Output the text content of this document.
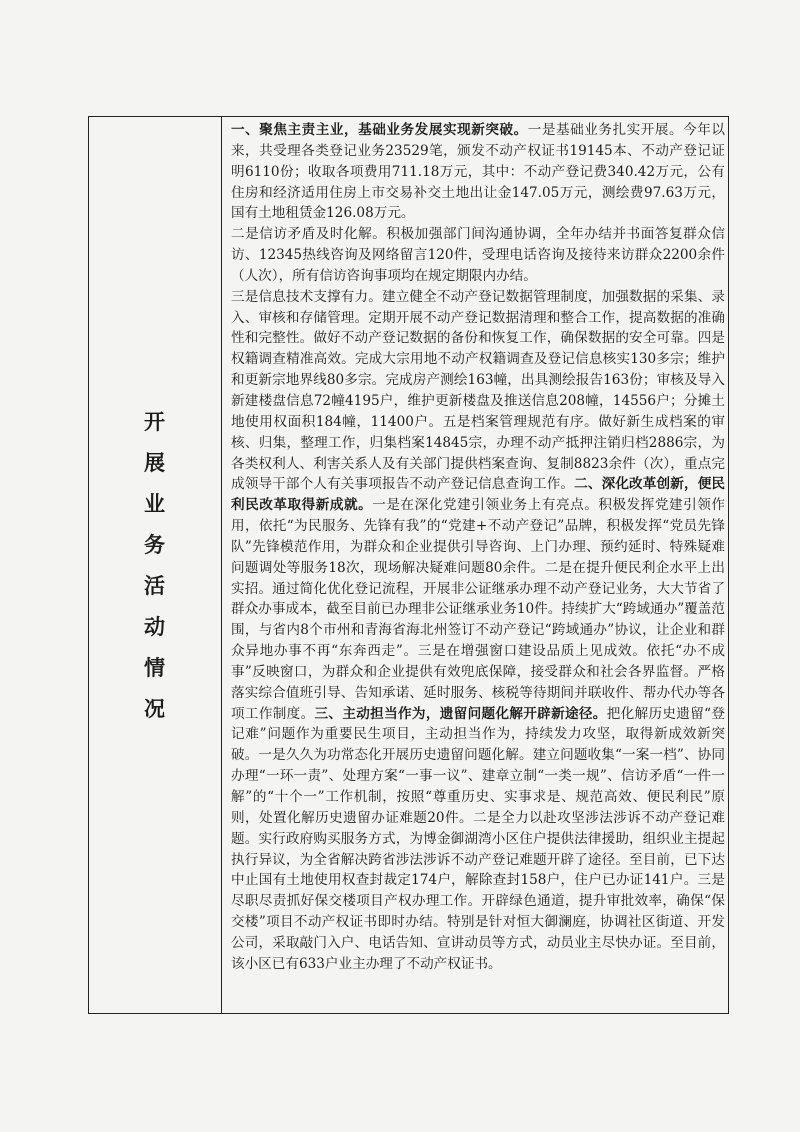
开
展
业
务
活
动
情
况

一、聚焦主责主业，基础业务发展实现新突破。一是基础业务扎实开展。今年以来，共受理各类登记业务23529笔，颁发不动产权证书19145本、不动产登记证明6110份；收取各项费用711.18万元，其中：不动产登记费340.42万元，公有住房和经济适用住房上市交易补交土地出让金147.05万元，测绘费97.63万元，国有土地租赁金126.08万元。

二是信访矛盾及时化解。积极加强部门间沟通协调，全年办结并书面答复群众信访、12345热线咨询及网络留言120件，受理电话咨询及接待来访群众2200余件（人次），所有信访咨询事项均在规定期限内办结。

三是信息技术支撑有力。建立健全不动产登记数据管理制度，加强数据的采集、录入、审核和存储管理。定期开展不动产登记数据清理和整合工作，提高数据的准确性和完整性。做好不动产登记数据的备份和恢复工作，确保数据的安全可靠。四是权籍调查精准高效。完成大宗用地不动产权籍调查及登记信息核实130多宗；维护和更新宗地界线80多宗。完成房产测绘163幢，出具测绘报告163份；审核及导入新建楼盘信息72幢4195户，维护更新楼盘及推送信息208幢，14556户；分摊土地使用权面积184幢，11400户。五是档案管理规范有序。做好新生成档案的审核、归集，整理工作，归集档案14845宗，办理不动产抵押注销归档2886宗，为各类权利人、利害关系人及有关部门提供档案查询、复制8823余件（次），重点完成领导干部个人有关事项报告不动产登记信息查询工作。二、深化改革创新，便民利民改革取得新成就。一是在深化党建引领业务上有亮点。积极发挥党建引领作用，依托“为民服务、先锋有我”的“党建+不动产登记”品牌，积极发挥“党员先锋队”先锋模范作用，为群众和企业提供引导咨询、上门办理、预约延时、特殊疑难问题调处等服务18次，现场解决疑难问题80余件。二是在提升便民利企水平上出实招。通过简化优化登记流程，开展非公证继承办理不动产登记业务，大大节省了群众办事成本，截至目前已办理非公证继承业务10件。持续扩大“跨域通办”覆盖范围，与省内8个市州和青海省海北州签订不动产登记“跨域通办”协议，让企业和群众异地办事不再“东奔西走”。三是在增强窗口建设品质上见成效。依托“办不成事”反映窗口，为群众和企业提供有效兜底保障，接受群众和社会各界监督。严格落实综合值班引导、告知承诺、延时服务、核税等待期间并联收件、帮办代办等各项工作制度。三、主动担当作为，遗留问题化解开辟新途径。把化解历史遗留“登记难”问题作为重要民生项目，主动担当作为，持续发力攻坚，取得新成效新突破。一是久久为功常态化开展历史遗留问题化解。建立问题收集“一案一档”、协同办理“一环一责”、处理方案“一事一议”、建章立制“一类一规”、信访矛盾“一件一解”的“十个一”工作机制，按照“尊重历史、实事求是、规范高效、便民利民”原则，处置化解历史遗留办证难题20件。二是全力以赴攻坚涉法涉诉不动产登记难题。实行政府购买服务方式，为博金御湖湾小区住户提供法律援助，组织业主提起执行异议，为全省解决跨省涉法涉诉不动产登记难题开辟了途径。至目前，已下达中止国有土地使用权查封裁定174户，解除查封158户，住户已办证141户。三是尽职尽责抓好保交楼项目产权办理工作。开辟绿色通道，提升审批效率，确保“保交楼”项目不动产权证书即时办结。特别是针对恒大御澜庭，协调社区街道、开发公司，采取敲门入户、电话告知、宣讲动员等方式，动员业主尽快办证。至目前，该小区已有633户业主办理了不动产权证书。
